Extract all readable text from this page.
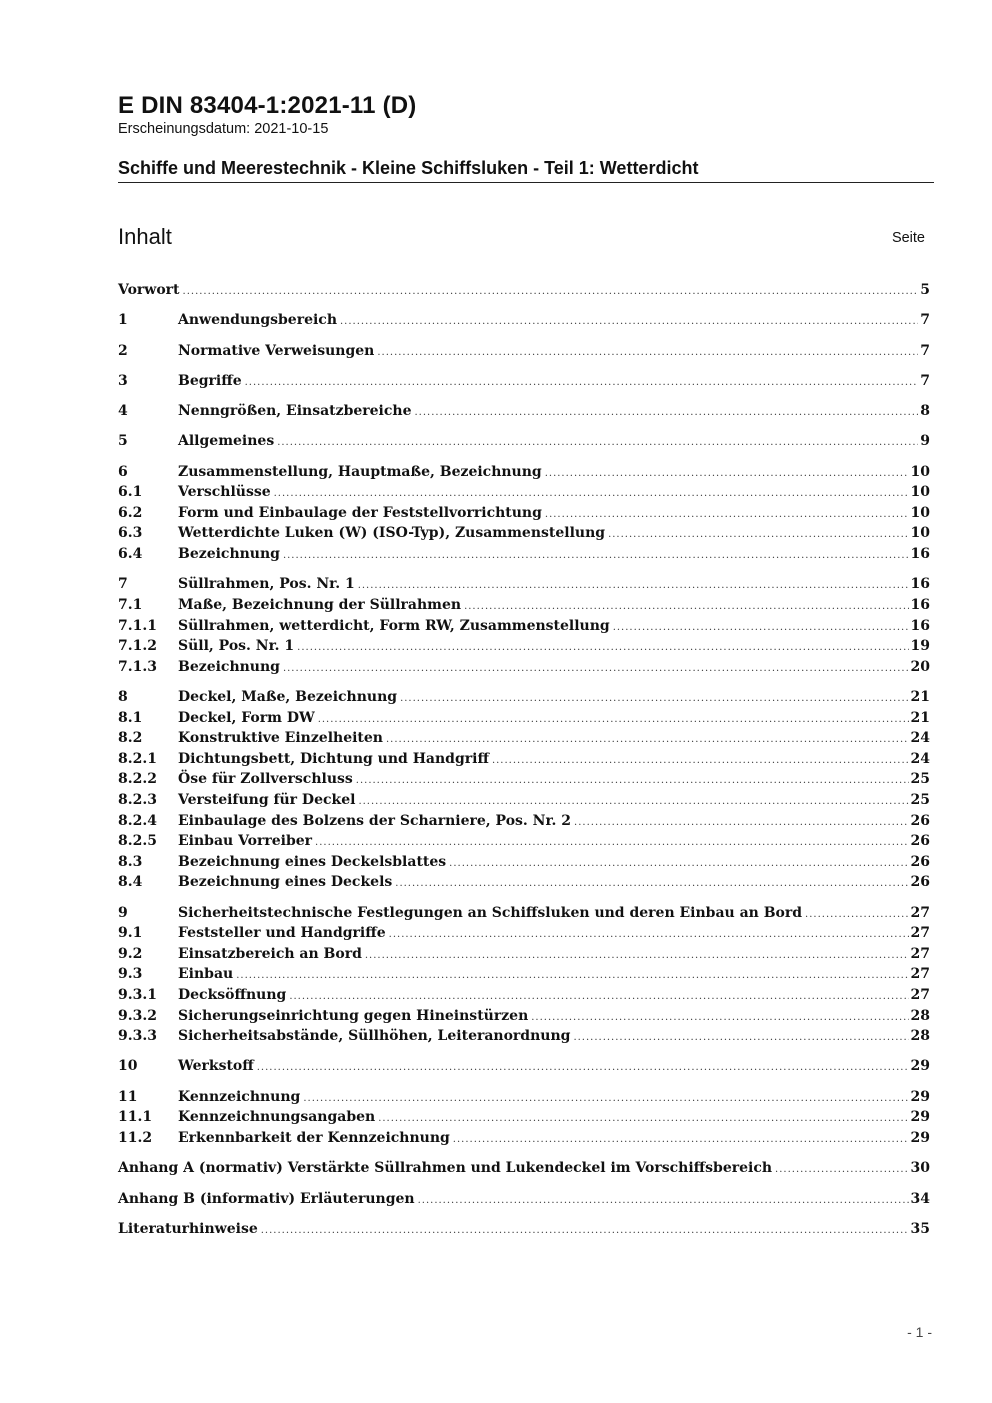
E DIN 83404-1:2021-11 (D)
Erscheinungsdatum: 2021-10-15
Schiffe und Meerestechnik - Kleine Schiffsluken - Teil 1: Wetterdicht
Inhalt	Seite
Vorwort .....	5
1	Anwendungsbereich .....	7
2	Normative Verweisungen .....	7
3	Begriffe .....	7
4	Nenngrößen, Einsatzbereiche .....	8
5	Allgemeines .....	9
6	Zusammenstellung, Hauptmaße, Bezeichnung .....	10
6.1	Verschlüsse .....	10
6.2	Form und Einbaulage der Feststellvorrichtung .....	10
6.3	Wetterdichte Luken (W) (ISO-Typ), Zusammenstellung .....	10
6.4	Bezeichnung .....	16
7	Süllrahmen, Pos. Nr. 1 .....	16
7.1	Maße, Bezeichnung der Süllrahmen .....	16
7.1.1	Süllrahmen, wetterdicht, Form RW, Zusammenstellung .....	16
7.1.2	Süll, Pos. Nr. 1 .....	19
7.1.3	Bezeichnung .....	20
8	Deckel, Maße, Bezeichnung .....	21
8.1	Deckel, Form DW .....	21
8.2	Konstruktive Einzelheiten .....	24
8.2.1	Dichtungsbett, Dichtung und Handgriff .....	24
8.2.2	Öse für Zollverschluss .....	25
8.2.3	Versteifung für Deckel .....	25
8.2.4	Einbaulage des Bolzens der Scharniere, Pos. Nr. 2 .....	26
8.2.5	Einbau Vorreiber .....	26
8.3	Bezeichnung eines Deckelsblattes .....	26
8.4	Bezeichnung eines Deckels .....	26
9	Sicherheitstechnische Festlegungen an Schiffsluken und deren Einbau an Bord .....	27
9.1	Feststeller und Handgriffe .....	27
9.2	Einsatzbereich an Bord .....	27
9.3	Einbau .....	27
9.3.1	Decksöffnung .....	27
9.3.2	Sicherungseinrichtung gegen Hineinstürzen .....	28
9.3.3	Sicherheitsabstände, Süllhöhen, Leiteranordnung .....	28
10	Werkstoff .....	29
11	Kennzeichnung .....	29
11.1	Kennzeichnungsangaben .....	29
11.2	Erkennbarkeit der Kennzeichnung .....	29
Anhang A (normativ) Verstärkte Süllrahmen und Lukendeckel im Vorschiffsbereich .....	30
Anhang B (informativ) Erläuterungen .....	34
Literaturhinweise .....	35
- 1 -
